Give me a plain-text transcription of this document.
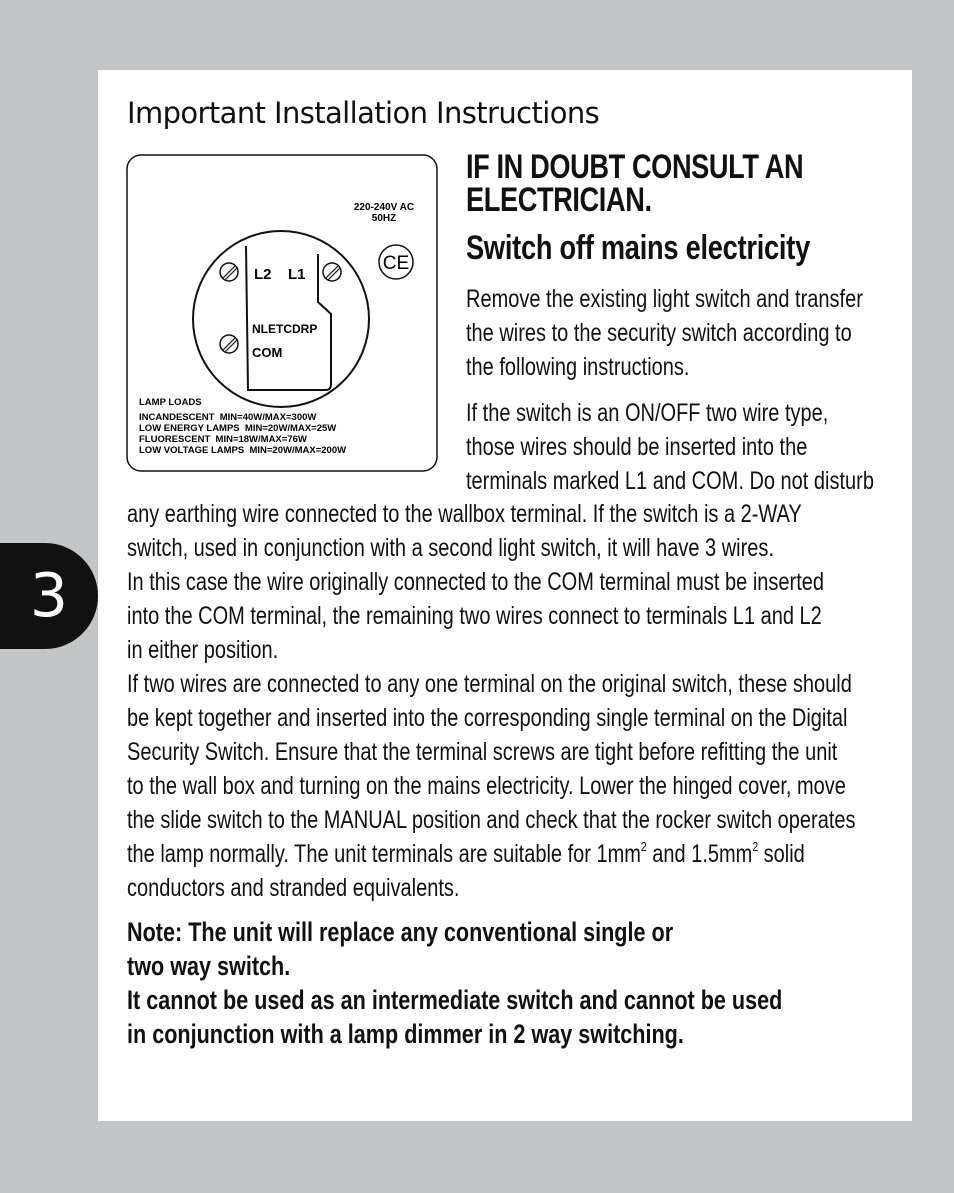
3
Important Installation Instructions
220-240V AC
50HZ
L2 L1
NLETCDRP
COM
CE
LAMP LOADS
INCANDESCENT  MIN=40W/MAX=300W
LOW ENERGY LAMPS  MIN=20W/MAX=25W
FLUORESCENT  MIN=18W/MAX=76W
LOW VOLTAGE LAMPS  MIN=20W/MAX=200W
IF IN DOUBT CONSULT AN
ELECTRICIAN.
Switch off mains electricity

Remove the existing light switch and transfer
the wires to the security switch according to
the following instructions.

If the switch is an ON/OFF two wire type,
those wires should be inserted into the
terminals marked L1 and COM. Do not disturb

any earthing wire connected to the wallbox terminal. If the switch is a 2-WAY
switch, used in conjunction with a second light switch, it will have 3 wires.
In this case the wire originally connected to the COM terminal must be inserted
into the COM terminal, the remaining two wires connect to terminals L1 and L2
in either position.
If two wires are connected to any one terminal on the original switch, these should
be kept together and inserted into the corresponding single terminal on the Digital
Security Switch. Ensure that the terminal screws are tight before refitting the unit
to the wall box and turning on the mains electricity. Lower the hinged cover, move
the slide switch to the MANUAL position and check that the rocker switch operates
the lamp normally. The unit terminals are suitable for $1mm^2$ and $1.5mm^2$ solid
conductors and stranded equivalents.

Note: The unit will replace any conventional single or
two way switch.
It cannot be used as an intermediate switch and cannot be used
in conjunction with a lamp dimmer in 2 way switching.
